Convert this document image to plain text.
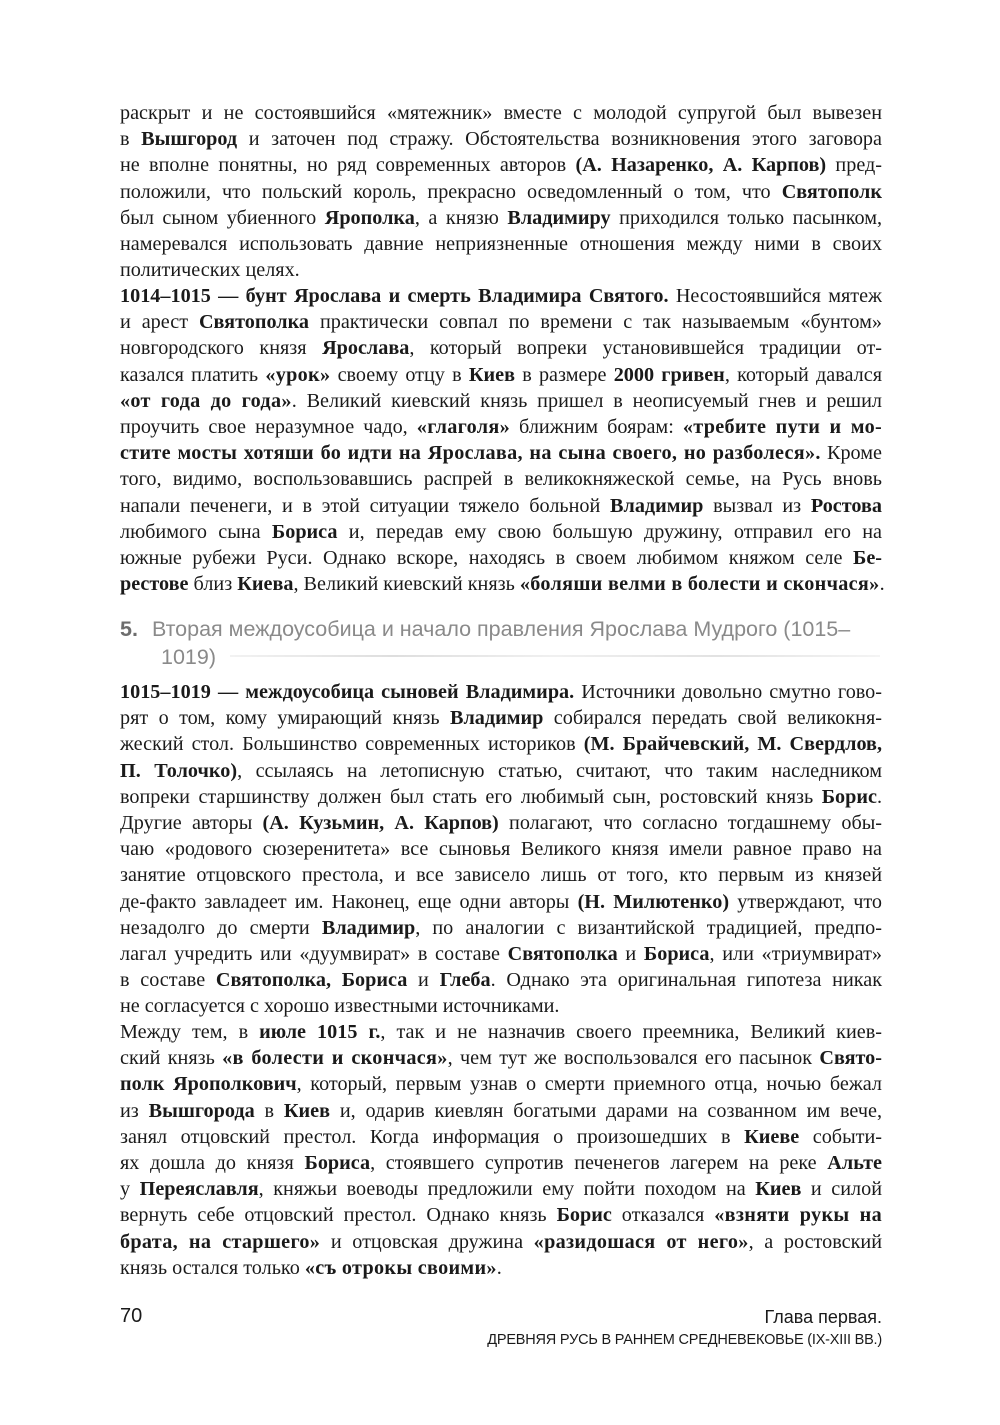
раскрыт и не состоявшийся «мятежник» вместе с молодой супругой был вывезен
в Вышгород и заточен под стражу. Обстоятельства возникновения этого заговора
не вполне понятны, но ряд современных авторов (А. Назаренко, А. Карпов) пред-
положили, что польский король, прекрасно осведомленный о том, что Святополк
был сыном убиенного Ярополка, а князю Владимиру приходился только пасынком,
намеревался использовать давние неприязненные отношения между ними в своих
политических целях.
1014–1015 — бунт Ярослава и смерть Владимира Святого. Несостоявшийся мятеж
и арест Святополка практически совпал по времени с так называемым «бунтом»
новгородского князя Ярослава, который вопреки установившейся традиции от-
казался платить «урок» своему отцу в Киев в размере 2000 гривен, который давался
«от года до года». Великий киевский князь пришел в неописуемый гнев и решил
проучить свое неразумное чадо, «глаголя» ближним боярам: «требите пути и мо-
стите мосты хотяши бо идти на Ярослава, на сына своего, но разболеся». Кроме
того, видимо, воспользовавшись распрей в великокняжеской семье, на Русь вновь
напали печенеги, и в этой ситуации тяжело больной Владимир вызвал из Ростова
любимого сына Бориса и, передав ему свою большую дружину, отправил его на
южные рубежи Руси. Однако вскоре, находясь в своем любимом княжом селе Бе-
рестове близ Киева, Великий киевский князь «боляши велми в болести и скончася».
5. Вторая междоусобица и начало правления Ярослава Мудрого (1015–
1019)
1015–1019 — междоусобица сыновей Владимира. Источники довольно смутно гово-
рят о том, кому умирающий князь Владимир собирался передать свой великокня-
жеский стол. Большинство современных историков (М. Брайчевский, М. Свердлов,
П. Толочко), ссылаясь на летописную статью, считают, что таким наследником
вопреки старшинству должен был стать его любимый сын, ростовский князь Борис.
Другие авторы (А. Кузьмин, А. Карпов) полагают, что согласно тогдашнему обы-
чаю «родового сюзеренитета» все сыновья Великого князя имели равное право на
занятие отцовского престола, и все зависело лишь от того, кто первым из князей
де-факто завладеет им. Наконец, еще одни авторы (Н. Милютенко) утверждают, что
незадолго до смерти Владимир, по аналогии с византийской традицией, предпо-
лагал учредить или «дуумвират» в составе Святополка и Бориса, или «триумвират»
в составе Святополка, Бориса и Глеба. Однако эта оригинальная гипотеза никак
не согласуется с хорошо известными источниками.
Между тем, в июле 1015 г., так и не назначив своего преемника, Великий киев-
ский князь «в болести и скончася», чем тут же воспользовался его пасынок Свято-
полк Ярополкович, который, первым узнав о смерти приемного отца, ночью бежал
из Вышгорода в Киев и, одарив киевлян богатыми дарами на созванном им вече,
занял отцовский престол. Когда информация о произошедших в Киеве событи-
ях дошла до князя Бориса, стоявшего супротив печенегов лагерем на реке Альте
у Переяславля, княжьи воеводы предложили ему пойти походом на Киев и силой
вернуть себе отцовский престол. Однако князь Борис отказался «взняти рукы на
брата, на старшего» и отцовская дружина «разидошася от него», а ростовский
князь остался только «съ отрокы своими».
70	Глава первая.
ДРЕВНЯЯ РУСЬ В РАННЕМ СРЕДНЕВЕКОВЬЕ (IX-XIII ВВ.)
